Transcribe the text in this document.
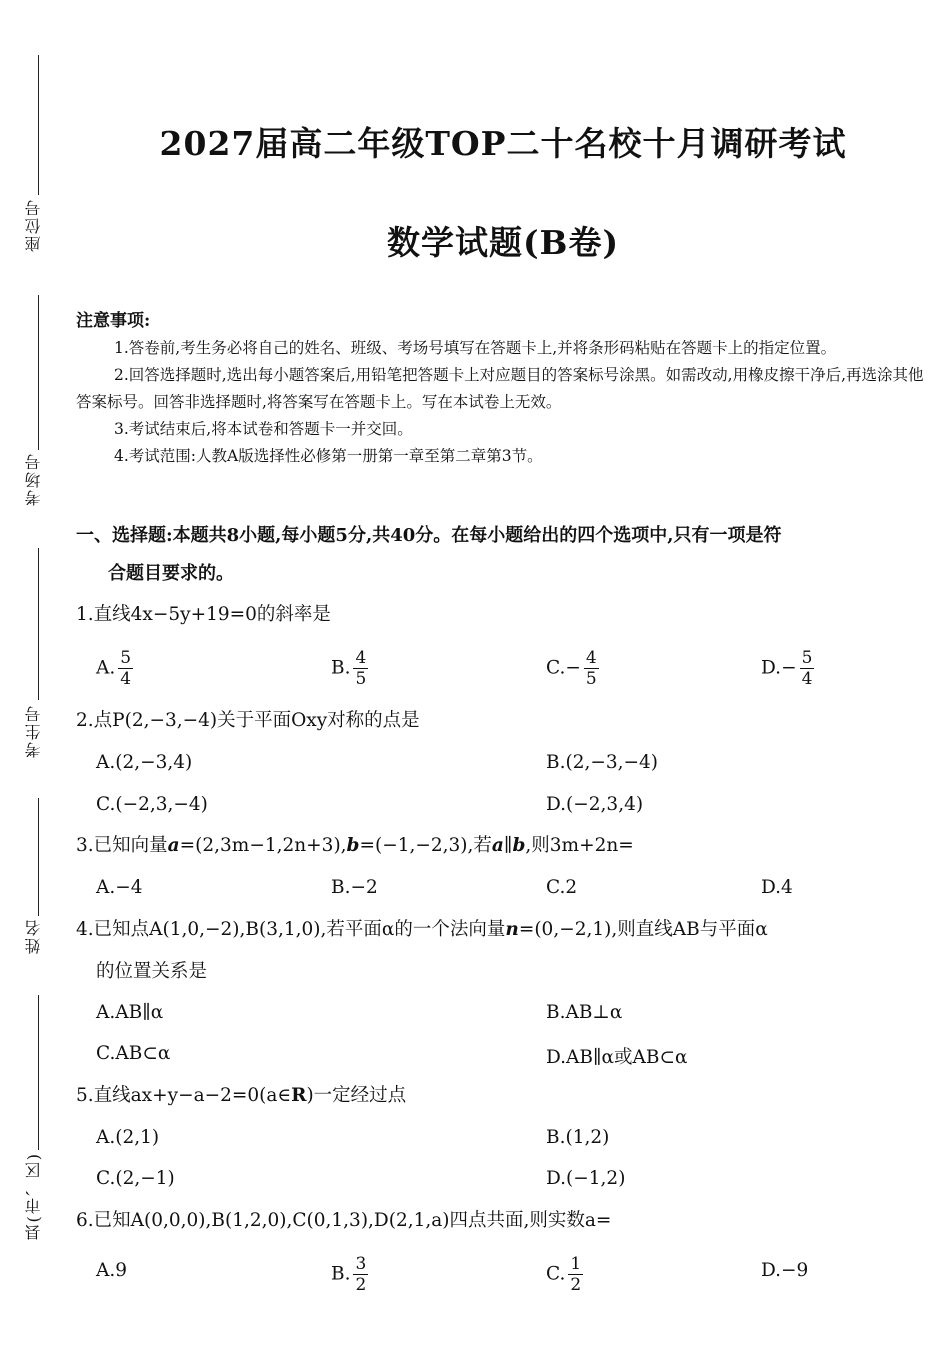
座位号
考场号
考生号
姓名
县(市、区)
2027届高二年级TOP二十名校十月调研考试
数学试题(B卷)
注意事项:

1.答卷前,考生务必将自己的姓名、班级、考场号填写在答题卡上,并将条形码粘贴在答题卡上的指定位置。

2.回答选择题时,选出每小题答案后,用铅笔把答题卡上对应题目的答案标号涂黑。如需改动,用橡皮擦干净后,再选涂其他答案标号。回答非选择题时,将答案写在答题卡上。写在本试卷上无效。

3.考试结束后,将本试卷和答题卡一并交回。

4.考试范围:人教A版选择性必修第一册第一章至第二章第3节。

一、选择题:本题共8小题,每小题5分,共40分。在每小题给出的四个选项中,只有一项是符
合题目要求的。
1.直线4x−5y+19=0的斜率是
A. $\frac{5}{4}$	B. $\frac{4}{5}$	$C.- \frac{4}{5}$	$D.- \frac{5}{4}$
2.点P(2,−3,−4)关于平面Oxy对称的点是
A.(2,−3,4)	B.(2,−3,−4)
C.(−2,3,−4)	D.(−2,3,4)
3.已知向量a=(2,3m−1,2n+3),b=(−1,−2,3),若a∥b,则3m+2n=
A.−4	B.−2	C.2	D.4
4.已知点A(1,0,−2),B(3,1,0),若平面α的一个法向量n=(0,−2,1),则直线AB与平面α
的位置关系是
A.AB∥α	B.AB⊥α
C.AB⊂α	D.AB∥α或AB⊂α
5.直线ax+y−a−2=0(a∈R)一定经过点
A.(2,1)	B.(1,2)
C.(2,−1)	D.(−1,2)
6.已知A(0,0,0),B(1,2,0),C(0,1,3),D(2,1,a)四点共面,则实数a=
A.9	B. $\frac{3}{2}$	C. $\frac{1}{2}$	D.−9
